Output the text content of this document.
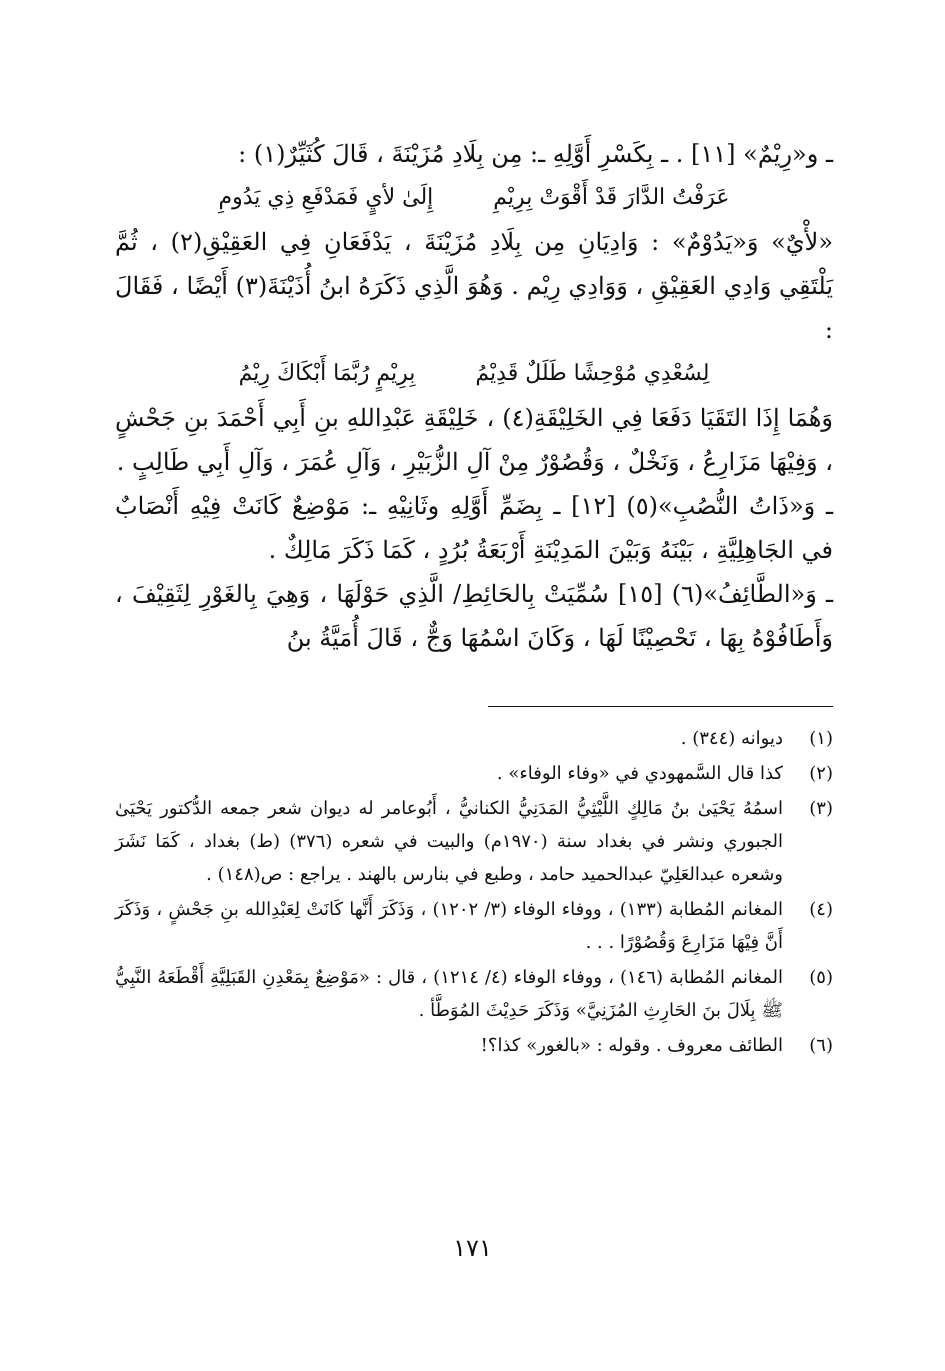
ـ و«رِيْمٌ» [١١] . ـ بِكَسْرِ أَوَّلِهِ ـ: مِن بِلَادِ مُزَيْنَةَ ، قَالَ كُثَيِّرٌ(١) :

عَرَفْتُ الدَّارَ قَدْ أَقْوَتْ بِرِيْمِ
إِلَىٰ لأيٍ فَمَدْفَعِ ذِي يَدُومِ

«لأْيٌ» وَ«يَدُوْمٌ» : وَادِيَانِ مِن بِلَادِ مُزَيْنَةَ ، يَدْفَعَانِ فِي العَقِيْقِ(٢) ، ثُمَّ يَلْتَقِي وَادِي العَقِيْقِ ، وَوَادِي رِيْم . وَهُوَ الَّذِي ذَكَرَهُ ابنُ أُذَيْنَةَ(٣) أَيْضًا ، فَقَالَ :

لِسُعْدِي مُوْحِشًا طَلَلٌ قَدِيْمُ
بِرِيْمٍ رُبَّمَا أَبْكَاكَ رِيْمُ

وَهُمَا إِذَا التَقَيَا دَفَعَا فِي الخَلِيْقَةِ(٤) ، خَلِيْقَةِ عَبْدِاللهِ بنِ أَبِي أَحْمَدَ بنِ جَحْشٍ ، وَفِيْهَا مَزَارِعُ ، وَنَخْلٌ ، وَقُصُوْرٌ مِنْ آلِ الزُّبَيْرِ ، وَآلِ عُمَرَ ، وَآلِ أَبِي طَالِبٍ .

ـ وَ«ذَاتُ النُّصُبِ»(٥) [١٢] ـ بِضَمِّ أَوَّلِهِ وثَانِيْهِ ـ: مَوْضِعٌ كَانَتْ فِيْهِ أَنْصَابٌ في الجَاهِلِيَّةِ ، بَيْنَهُ وَبَيْنَ المَدِيْنَةِ أَرْبَعَةُ بُرُدٍ ، كَمَا ذَكَرَ مَالِكٌ .

ـ وَ«الطَّائِفُ»(٦) [١٥] سُمِّيَتْ بِالحَائِطِ/ الَّذِي حَوْلَهَا ، وَهِيَ بِالغَوْرِ لِثَقِيْفَ ، وَأَطَافُوْهُ بِهَا ، تَحْصِيْنًا لَهَا ، وَكَانَ اسْمُهَا وَجٌّ ، قَالَ أُمَيَّةُ بنُ

(١)
ديوانه (٣٤٤) .
(٢)
كذا قال السَّمهودي في «وفاء الوفاء» .
(٣)
اسمُهُ يَحْيَىٰ بنُ مَالِكٍ اللَّيْثِيُّ المَدَنِيُّ الكنانيُّ ، أَبُوعامر له ديوان شعر جمعه الدُّكتور يَحْيَىٰ الجبوري ونشر في بغداد سنة (١٩٧٠م) والبيت في شعره (٣٧٦) (ط) بغداد ، كَمَا نَشَرَ وشعره عبدالعَلِيّ عبدالحميد حامد ، وطبع في بنارس بالهند . يراجع : ص(١٤٨) .
(٤)
المغانم المُطابة (١٣٣) ، ووفاء الوفاء (٣/ ١٢٠٢) ، وَذَكَرَ أَنَّها كَانَتْ لِعَبْدِالله بنِ جَحْشٍ ، وَذَكَرَ أَنَّ فِيْهَا مَزَارِعَ وَقُصُوْرًا . . .
(٥)
المغانم المُطابة (١٤٦) ، ووفاء الوفاء (٤/ ١٢١٤) ، قال : «مَوْضِعٌ بِمَعْدِنِ القَبَلِيَّةِ أَقْطَعَهُ النَّبِيُّ ﷺ بِلَالَ بنَ الحَارِثِ المُزَنِيَّ» وَذَكَرَ حَدِيْثَ المُوَطَّأ .
(٦)
الطائف معروف . وقوله : «بالغور» كذا؟!
١٧١
